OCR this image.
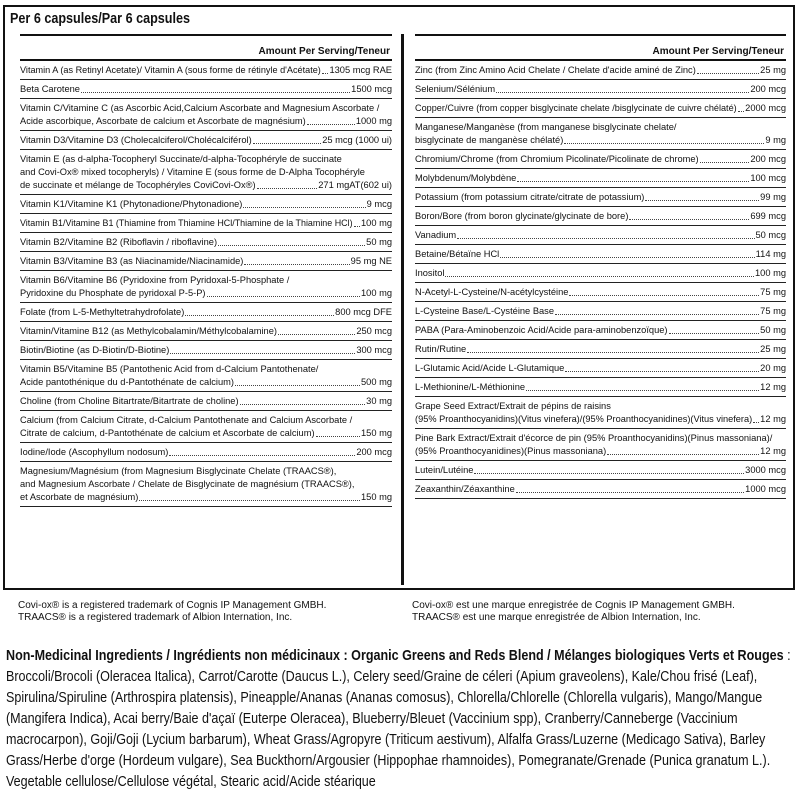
Per 6 capsules/Par 6 capsules
Amount Per Serving/Teneur
Vitamin A (as Retinyl Acetate)/ Vitamin A (sous forme de rétinyle d'Acétate) 1305 mcg RAE
Beta Carotene	1500 mcg
Vitamin C/Vitamine C (as Ascorbic Acid,Calcium Ascorbate and Magnesium Ascorbate /
Acide ascorbique, Ascorbate de calcium et Ascorbate de magnésium)	1000 mg
Vitamin D3/Vitamine D3 (Cholecalciferol/Cholécalciférol)	25 mcg (1000 ui)
Vitamin E (as d-alpha-Tocopheryl Succinate/d-alpha-Tocophéryle de succinate
and Covi-Ox® mixed tocopheryls) / Vitamine E (sous forme de D-Alpha Tocophéryle
de succinate et mélange de Tocophéryles CoviCovi-Ox®)	271 mgAT(602 ui)
Vitamin K1/Vitamine K1 (Phytonadione/Phytonadione)	9 mcg
Vitamin B1/Vitamine B1 (Thiamine from Thiamine HCl/Thiamine de la Thiamine HCl) 100 mg
Vitamin B2/Vitamine B2 (Riboflavin / riboflavine)	50 mg
Vitamin B3/Vitamine B3 (as Niacinamide/Niacinamide)	95 mg NE
Vitamin B6/Vitamine B6 (Pyridoxine from Pyridoxal-5-Phosphate /
Pyridoxine du Phosphate de pyridoxal P-5-P)	100 mg
Folate (from L-5-Methyltetrahydrofolate)	800 mcg DFE
Vitamin/Vitamine B12 (as Methylcobalamin/Méthylcobalamine)	250 mcg
Biotin/Biotine (as D-Biotin/D-Biotine)	300 mcg
Vitamin B5/Vitamine B5 (Pantothenic Acid from d-Calcium Pantothenate/
Acide pantothénique du d-Pantothénate de calcium)	500 mg
Choline (from Choline Bitartrate/Bitartrate de choline)	30 mg
Calcium (from Calcium Citrate, d-Calcium Pantothenate and Calcium Ascorbate /
Citrate de calcium, d-Pantothénate de calcium et Ascorbate de calcium)	150 mg
Iodine/Iode (Ascophyllum nodosum)	200 mcg
Magnesium/Magnésium (from Magnesium Bisglycinate Chelate (TRAACS®),
and Magnesium Ascorbate / Chelate de Bisglycinate de magnésium (TRAACS®),
et Ascorbate de magnésium)	150 mg
Amount Per Serving/Teneur
Zinc (from Zinc Amino Acid Chelate / Chelate d'acide aminé de Zinc)	25 mg
Selenium/Sélénium	200 mcg
Copper/Cuivre (from copper bisglycinate chelate /bisglycinate de cuivre chélaté) 2000 mcg
Manganese/Manganèse (from manganese bisglycinate chelate/
bisglycinate de manganèse chélaté)	9 mg
Chromium/Chrome (from Chromium Picolinate/Picolinate de chrome)	200 mcg
Molybdenum/Molybdène	100 mcg
Potassium (from potassium citrate/citrate de potassium)	99 mg
Boron/Bore (from boron glycinate/glycinate de bore)	699 mcg
Vanadium	50 mcg
Betaine/Bétaïne HCl	114 mg
Inositol	100 mg
N-Acetyl-L-Cysteine/N-acétylcystéine	75 mg
L-Cysteine Base/L-Cystéine Base	75 mg
PABA (Para-Aminobenzoic Acid/Acide para-aminobenzoïque)	50 mg
Rutin/Rutine	25 mg
L-Glutamic Acid/Acide L-Glutamique	20 mg
L-Methionine/L-Méthionine	12 mg
Grape Seed Extract/Extrait de pépins de raisins
(95% Proanthocyanidins)(Vitus vinefera)/(95% Proanthocyanidines)(Vitus vinefera) 12 mg
Pine Bark Extract/Extrait d'écorce de pin (95% Proanthocyanidins)(Pinus massoniana)/
(95% Proanthocyanidines)(Pinus massoniana)	12 mg
Lutein/Lutéine	3000 mcg
Zeaxanthin/Zéaxanthine	1000 mcg
Covi-ox® is a registered trademark of Cognis IP Management GMBH.
TRAACS® is a registered trademark of Albion Internation, Inc.
Covi-ox® est une marque enregistrée de Cognis IP Management GMBH.
TRAACS® est une marque enregistrée de Albion Internation, Inc.
Non-Medicinal Ingredients / Ingrédients non médicinaux : Organic Greens and Reds Blend / Mélanges biologiques Verts et Rouges : Broccoli/Brocoli (Oleracea Italica), Carrot/Carotte (Daucus L.), Celery seed/Graine de céleri (Apium graveolens), Kale/Chou frisé (Leaf), Spirulina/Spiruline (Arthrospira platensis), Pineapple/Ananas (Ananas comosus), Chlorella/Chlorelle (Chlorella vulgaris), Mango/Mangue (Mangifera Indica), Acai berry/Baie d'açaï (Euterpe Oleracea), Blueberry/Bleuet (Vaccinium spp), Cranberry/Canneberge (Vaccinium macrocarpon), Goji/Goji (Lycium barbarum), Wheat Grass/Agropyre (Triticum aestivum), Alfalfa Grass/Luzerne (Medicago Sativa), Barley Grass/Herbe d'orge (Hordeum vulgare), Sea Buckthorn/Argousier (Hippophae rhamnoides), Pomegranate/Grenade (Punica granatum L.). Vegetable cellulose/Cellulose végétal, Stearic acid/Acide stéarique
